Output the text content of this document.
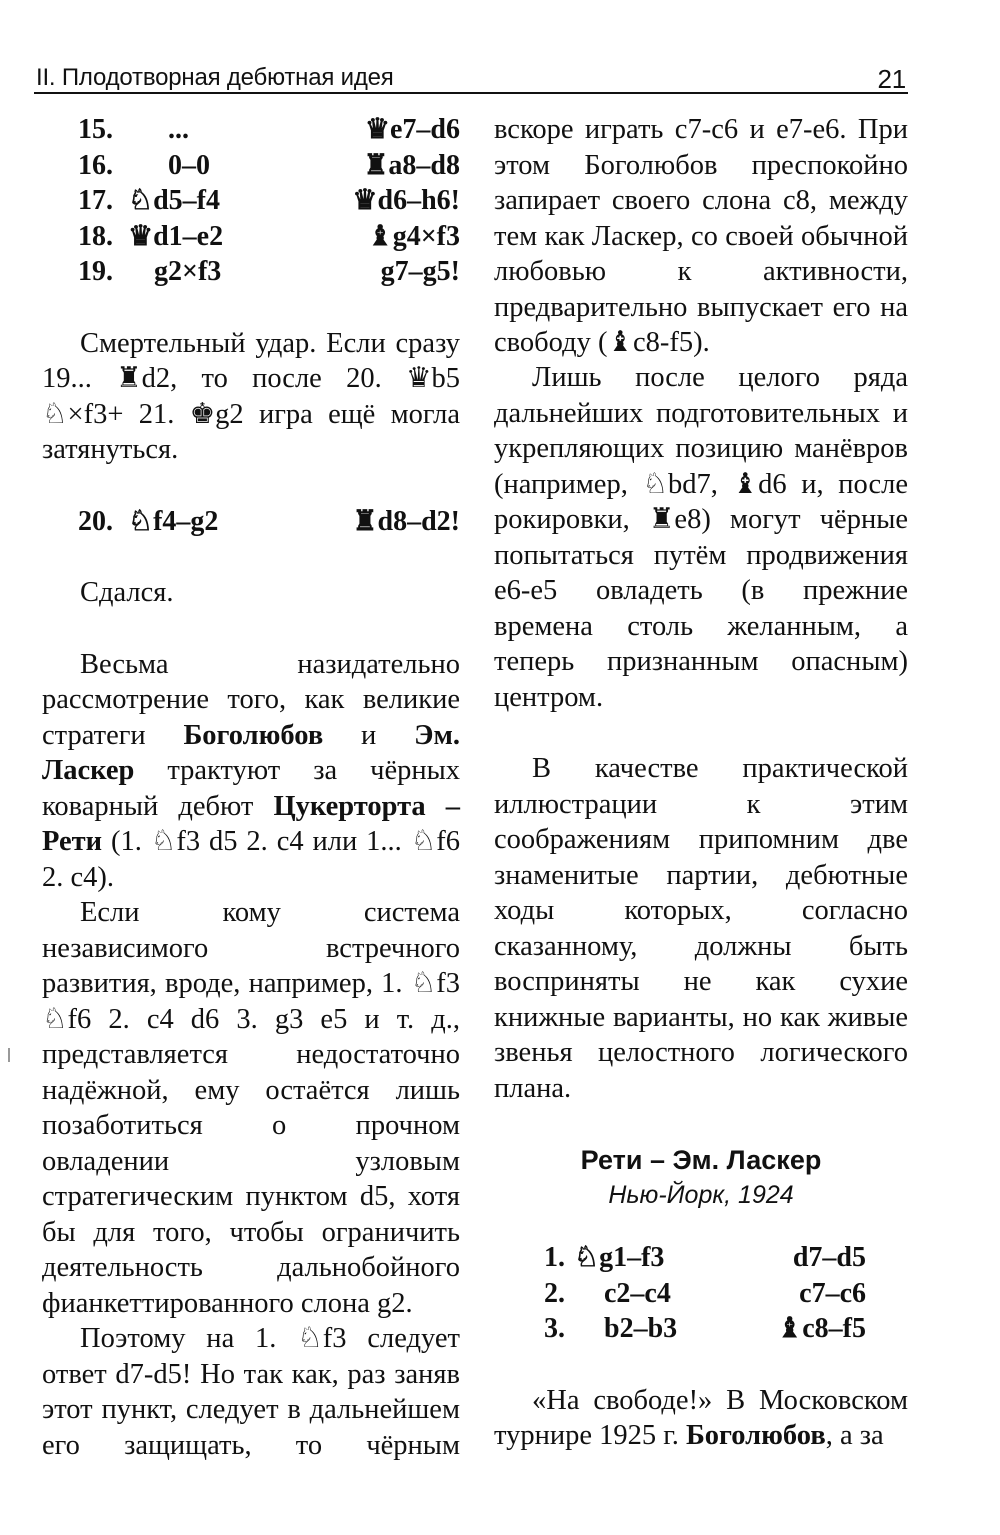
II. Плодотворная дебютная идея	21
15. ...	♛e7–d6
16. 0–0	♜a8–d8
17. ♘d5–f4	♛d6–h6!
18. ♛d1–e2	♝g4×f3
19. g2×f3	g7–g5!

Смертельный удар. Если сразу 19... ♜d2, то после 20. ♛b5 ♘×f3+ 21. ♚g2 игра ещё могла затянуться.

20. ♘f4–g2	♜d8–d2!

Сдался.

Весьма назидательно рассмотрение того, как великие стратеги Боголюбов и Эм. Ласкер трактуют за чёрных коварный дебют Цукерторта – Рети (1. ♘f3 d5 2. c4 или 1... ♘f6 2. c4).

Если кому система независимого встречного развития, вроде, например, 1. ♘f3 ♘f6 2. c4 d6 3. g3 e5 и т. д., представляется недостаточно надёжной, ему остаётся лишь позаботиться о прочном овладении узловым стратегическим пунктом d5, хотя бы для того, чтобы ограничить деятельность дальнобойного фианкеттированного слона g2.

Поэтому на 1. ♘f3 следует ответ d7-d5! Но так как, раз заняв этот пункт, следует в дальнейшем его защищать, то чёрным

вскоре играть c7-c6 и e7-e6. При этом Боголюбов преспокойно запирает своего слона c8, между тем как Ласкер, со своей обычной любовью к активности, предварительно выпускает его на свободу (♝c8-f5).

Лишь после целого ряда дальнейших подготовительных и укрепляющих позицию манёвров (например, ♘bd7, ♝d6 и, после рокировки, ♜e8) могут чёрные попытаться путём продвижения e6-e5 овладеть (в прежние времена столь желанным, а теперь признанным опасным) центром.

В качестве практической иллюстрации к этим соображениям припомним две знаменитые партии, дебютные ходы которых, согласно сказанному, должны быть восприняты не как сухие книжные варианты, но как живые звенья целостного логического плана.

Рети – Эм. Ласкер
Нью-Йорк, 1924
1. ♘g1–f3	d7–d5
2. c2–c4	c7–c6
3. b2–b3	♝c8–f5

«На свободе!» В Московском турнире 1925 г. Боголюбов, а за
